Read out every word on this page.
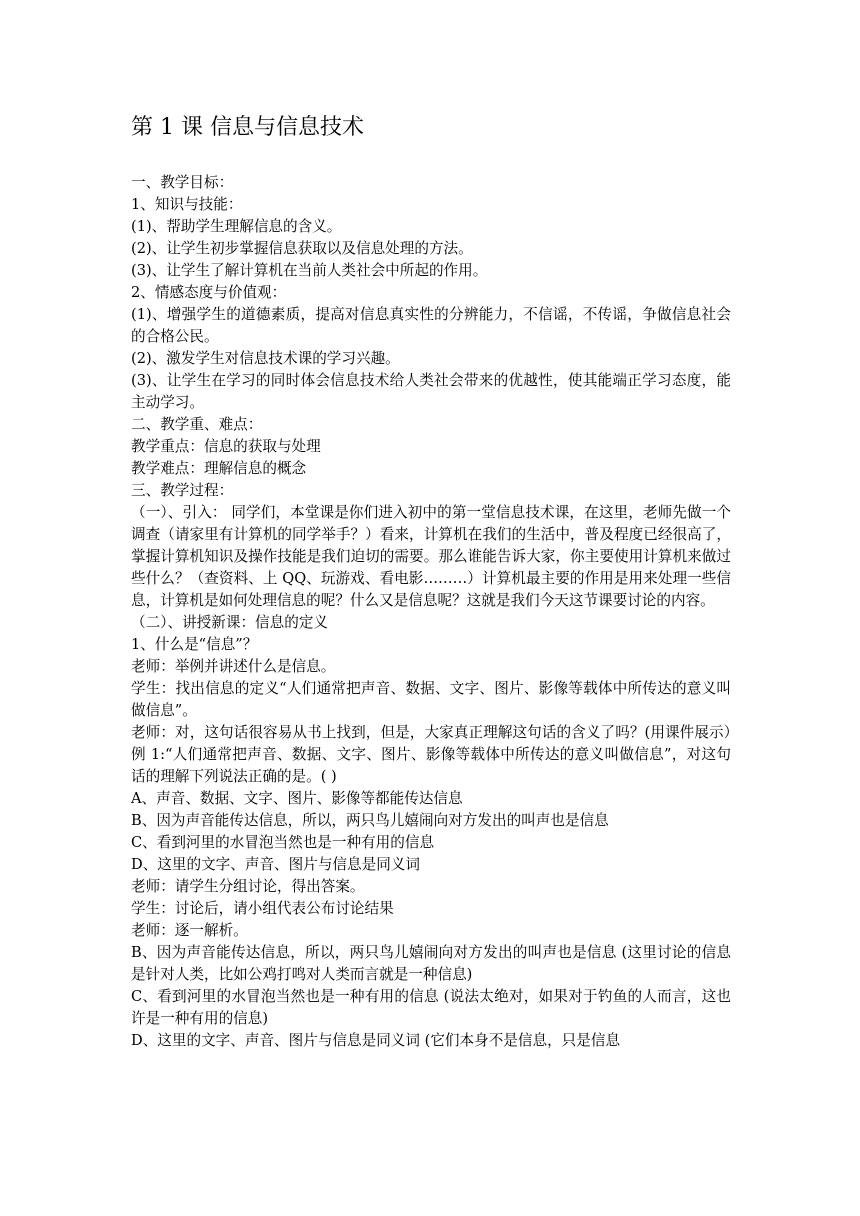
第 1 课 信息与信息技术

一、教学目标：

1、知识与技能：

(1)、帮助学生理解信息的含义。

(2)、让学生初步掌握信息获取以及信息处理的方法。

(3)、让学生了解计算机在当前人类社会中所起的作用。

2、情感态度与价值观：

(1)、增强学生的道德素质，提高对信息真实性的分辨能力，不信谣，不传谣，争做信息社会的合格公民。

(2)、激发学生对信息技术课的学习兴趣。

(3)、让学生在学习的同时体会信息技术给人类社会带来的优越性，使其能端正学习态度，能主动学习。

二、教学重、难点：

教学重点：信息的获取与处理

教学难点：理解信息的概念

三、教学过程：

（一）、引入： 同学们，本堂课是你们进入初中的第一堂信息技术课，在这里，老师先做一个调查（请家里有计算机的同学举手？）看来，计算机在我们的生活中，普及程度已经很高了，掌握计算机知识及操作技能是我们迫切的需要。那么谁能告诉大家，你主要使用计算机来做过些什么？（查资料、上 QQ、玩游戏、看电影………）计算机最主要的作用是用来处理一些信息，计算机是如何处理信息的呢？什么又是信息呢？这就是我们今天这节课要讨论的内容。

（二）、讲授新课：信息的定义

1、什么是“信息”？

老师：举例并讲述什么是信息。

学生：找出信息的定义“人们通常把声音、数据、文字、图片、影像等载体中所传达的意义叫做信息”。

老师：对，这句话很容易从书上找到，但是，大家真正理解这句话的含义了吗？(用课件展示）例 1:“人们通常把声音、数据、文字、图片、影像等载体中所传达的意义叫做信息”，对这句话的理解下列说法正确的是。( )

A、声音、数据、文字、图片、影像等都能传达信息

B、因为声音能传达信息，所以，两只鸟儿嬉闹向对方发出的叫声也是信息

C、看到河里的水冒泡当然也是一种有用的信息

D、这里的文字、声音、图片与信息是同义词

老师：请学生分组讨论，得出答案。

学生：讨论后，请小组代表公布讨论结果

老师：逐一解析。

B、因为声音能传达信息，所以，两只鸟儿嬉闹向对方发出的叫声也是信息 (这里讨论的信息是针对人类，比如公鸡打鸣对人类而言就是一种信息)

C、看到河里的水冒泡当然也是一种有用的信息 (说法太绝对，如果对于钓鱼的人而言，这也许是一种有用的信息)

D、这里的文字、声音、图片与信息是同义词 (它们本身不是信息，只是信息
